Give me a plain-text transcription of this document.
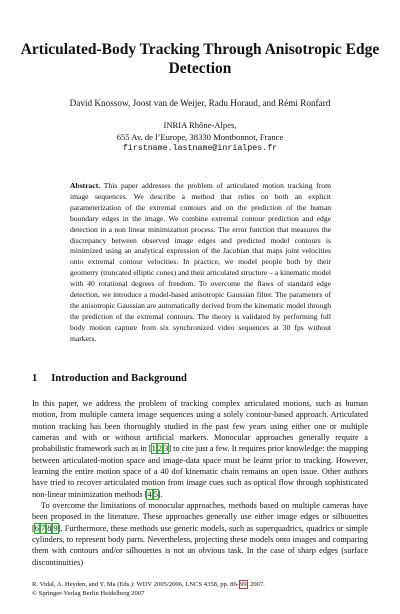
Articulated-Body Tracking Through Anisotropic Edge Detection
David Knossow, Joost van de Weijer, Radu Horaud, and Rémi Ronfard
INRIA Rhône-Alpes,
655 Av. de l’Europe, 38330 Montbonnot, France
firstname.lastname@inrialpes.fr
Abstract. This paper addresses the problem of articulated motion tracking from image sequences. We describe a method that relies on both an explicit parameterization of the extremal contours and on the prediction of the human boundary edges in the image. We combine extremal contour prediction and edge detection in a non linear minimization process. The error function that measures the discrepancy between observed image edges and predicted model contours is minimized using an analytical expression of the Jacobian that maps joint velocities onto extremal contour velocities. In practice, we model people both by their geometry (truncated elliptic cones) and their articulated structure – a kinematic model with 40 rotational degrees of freedom. To overcome the flaws of standard edge detection, we introduce a model-based anisotropic Gaussian filter. The parameters of the anisotropic Gaussian are automatically derived from the kinematic model through the prediction of the extremal contours. The theory is validated by performing full body motion capture from six synchronized video sequences at 30 fps without markers.
1 Introduction and Background

In this paper, we address the problem of tracking complex articulated motions, such as human motion, from multiple camera image sequences using a solely contour-based approach. Articulated motion tracking has been thoroughly studied in the past few years using either one or multiple cameras and with or without artificial markers. Monocular approaches generally require a probabilistic framework such as in [1,2,3] to cite just a few. It requires prior knowledge: the mapping between articulated-motion space and image-data space must be learnt prior to tracking. However, learning the entire motion space of a 40 dof kinematic chain remains an open issue. Other authors have tried to recover articulated motion from image cues such as optical flow through sophisticated non-linear minimization methods [4,5].

To overcome the limitations of monocular approaches, methods based on multiple cameras have been proposed in the literature. These approaches generally use either image edges or silhouettes [6,7,8,9]. Furthermore, these methods use generic models, such as superquadrics, quadrics or simple cylinders, to represent body parts. Nevertheless, projecting these models onto images and comparing them with contours and/or silhouettes is not an obvious task. In the case of sharp edges (surface discontinuities)

R. Vidal, A. Heyden, and Y. Ma (Eds.): WDV 2005/2006, LNCS 4358, pp. 86–99, 2007.
© Springer-Verlag Berlin Heidelberg 2007
